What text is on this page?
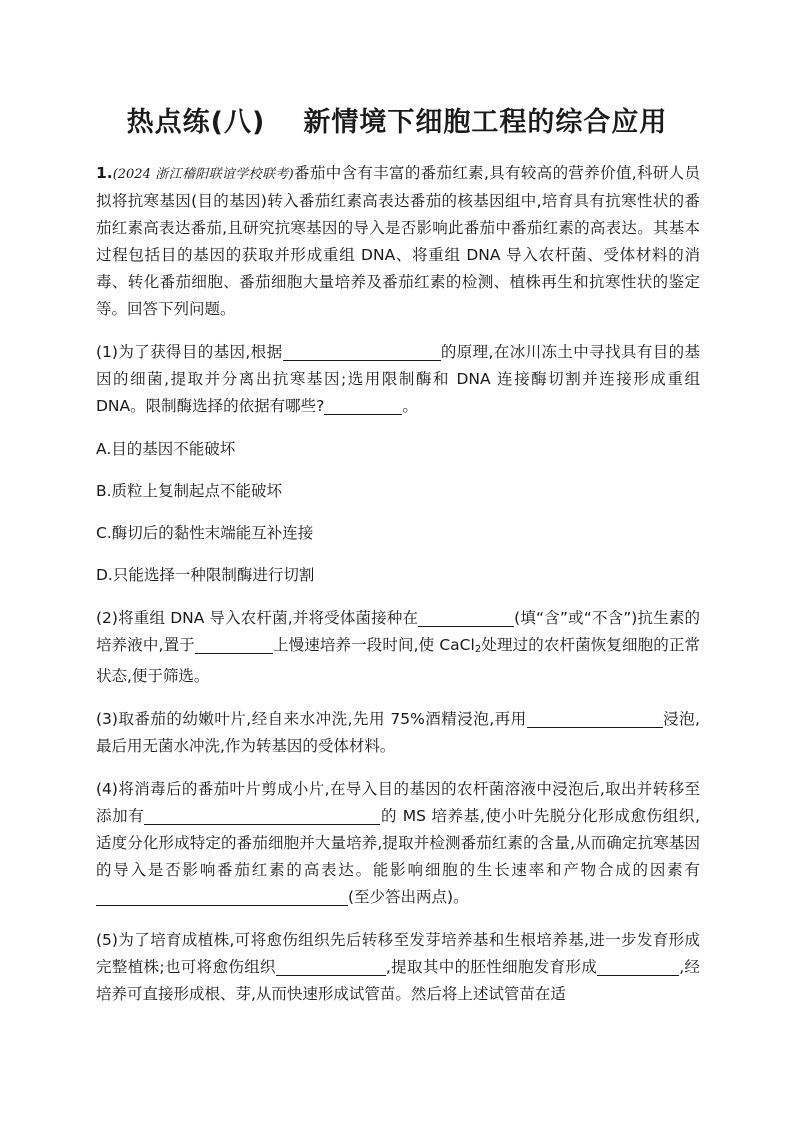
热点练(八) 新情境下细胞工程的综合应用

1.(2024 浙江稽阳联谊学校联考)番茄中含有丰富的番茄红素,具有较高的营养价值,科研人员拟将抗寒基因(目的基因)转入番茄红素高表达番茄的核基因组中,培育具有抗寒性状的番茄红素高表达番茄,且研究抗寒基因的导入是否影响此番茄中番茄红素的高表达。其基本过程包括目的基因的获取并形成重组 DNA、将重组 DNA 导入农杆菌、受体材料的消毒、转化番茄细胞、番茄细胞大量培养及番茄红素的检测、植株再生和抗寒性状的鉴定等。回答下列问题。

(1)为了获得目的基因,根据	的原理,在冰川冻土中寻找具有目的基因的细菌,提取并分离出抗寒基因;选用限制酶和 DNA 连接酶切割并连接形成重组 DNA。限制酶选择的依据有哪些?	。

A.目的基因不能破坏

B.质粒上复制起点不能破坏

C.酶切后的黏性末端能互补连接

D.只能选择一种限制酶进行切割

(2)将重组 DNA 导入农杆菌,并将受体菌接种在	(填“含”或“不含”)抗生素的培养液中,置于	上慢速培养一段时间,使 CaCl$_2$处理过的农杆菌恢复细胞的正常状态,便于筛选。

(3)取番茄的幼嫩叶片,经自来水冲洗,先用 75%酒精浸泡,再用	浸泡,最后用无菌水冲洗,作为转基因的受体材料。

(4)将消毒后的番茄叶片剪成小片,在导入目的基因的农杆菌溶液中浸泡后,取出并转移至添加有	的 MS 培养基,使小叶先脱分化形成愈伤组织,适度分化形成特定的番茄细胞并大量培养,提取并检测番茄红素的含量,从而确定抗寒基因的导入是否影响番茄红素的高表达。能影响细胞的生长速率和产物合成的因素有(至少答出两点)。

(5)为了培育成植株,可将愈伤组织先后转移至发芽培养基和生根培养基,进一步发育形成完整植株;也可将愈伤组织	,提取其中的胚性细胞发育形成	,经培养可直接形成根、芽,从而快速形成试管苗。然后将上述试管苗在适
